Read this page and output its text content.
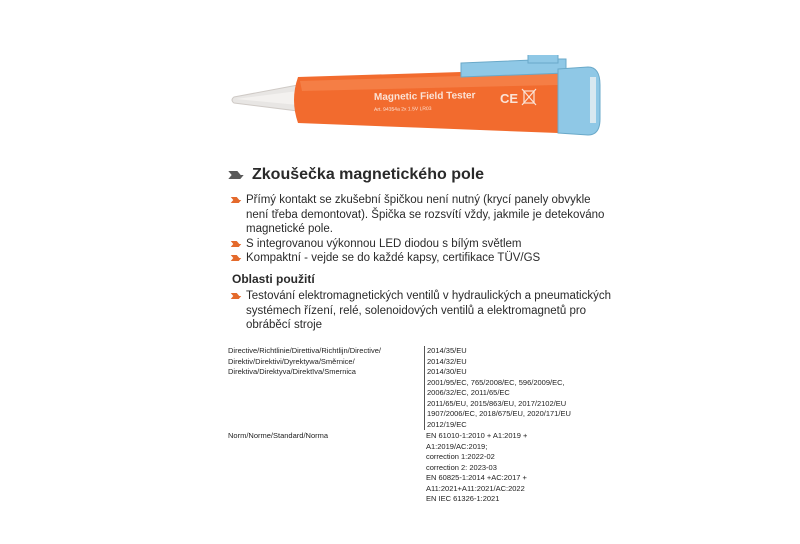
Magnetic Field Tester
Art. 94354a 2x 1.5V LR03
CE
Zkoušečka magnetického pole
Přímý kontakt se zkušební špičkou není nutný (krycí panely obvykle není třeba demontovat). Špička se rozsvítí vždy, jakmile je detekováno magnetické pole.
S integrovanou výkonnou LED diodou s bílým světlem
Kompaktní - vejde se do každé kapsy, certifikace TÜV/GS
Oblasti použití
Testování elektromagnetických ventilů v hydraulických a pneumatických systémech řízení, relé, solenoidových ventilů a elektromagnetů pro obráběcí stroje
Directive/Richtlinie/Direttiva/Richtlijn/Directive/	2014/35/EU
Direktiv/Direktivi/Dyrektywa/Směrnice/	2014/32/EU
Direktiva/Direktyva/Direktīva/Smernica	2014/30/EU
2001/95/EC, 765/2008/EC, 596/2009/EC,
2006/32/EC, 2011/65/EC
2011/65/EU, 2015/863/EU, 2017/2102/EU
1907/2006/EC, 2018/675/EU, 2020/171/EU
2012/19/EC
Norm/Norme/Standard/Norma	EN 61010-1:2010 + A1:2019 +
A1:2019/AC:2019;
correction 1:2022-02
correction 2: 2023-03
EN 60825-1:2014 +AC:2017 +
A11:2021+A11:2021/AC:2022
EN IEC 61326-1:2021
